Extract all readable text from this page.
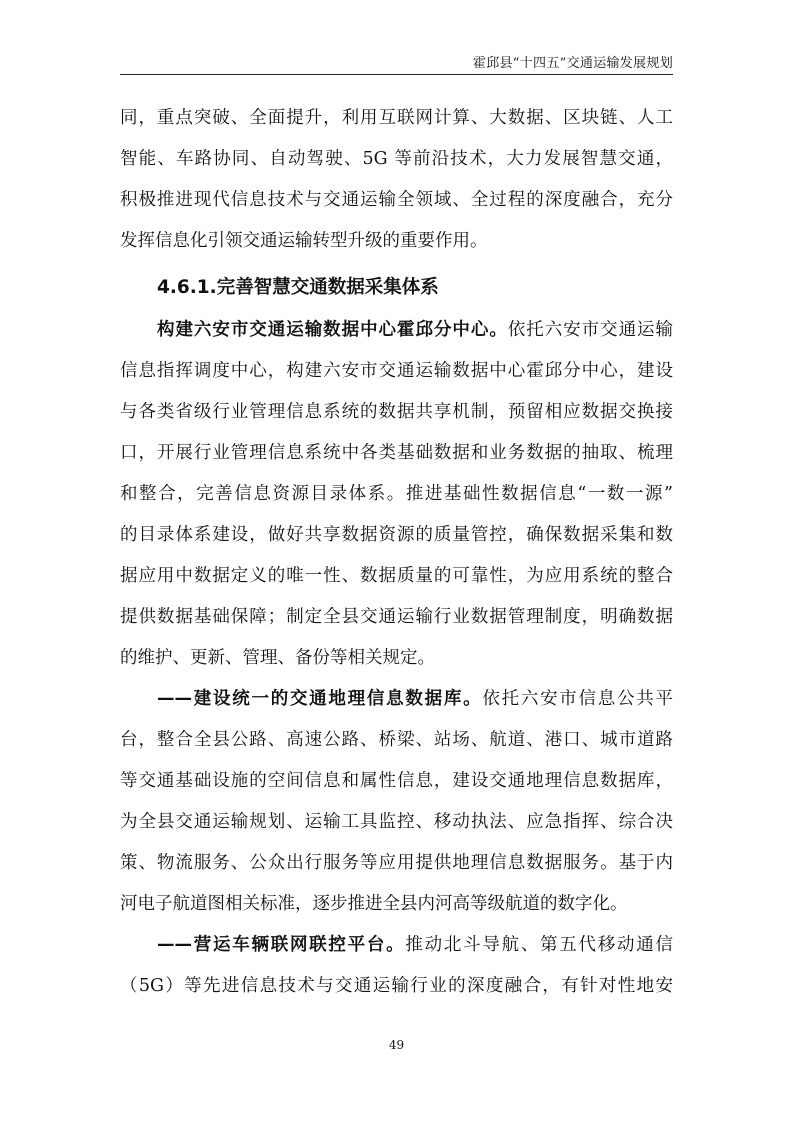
霍邱县“十四五”交通运输发展规划
同，重点突破、全面提升，利用互联网计算、大数据、区块链、人工
智能、车路协同、自动驾驶、5G 等前沿技术，大力发展智慧交通，
积极推进现代信息技术与交通运输全领域、全过程的深度融合，充分
发挥信息化引领交通运输转型升级的重要作用。
4.6.1.完善智慧交通数据采集体系
构建六安市交通运输数据中心霍邱分中心。依托六安市交通运输
信息指挥调度中心，构建六安市交通运输数据中心霍邱分中心，建设
与各类省级行业管理信息系统的数据共享机制，预留相应数据交换接
口，开展行业管理信息系统中各类基础数据和业务数据的抽取、梳理
和整合，完善信息资源目录体系。推进基础性数据信息“一数一源”
的目录体系建设，做好共享数据资源的质量管控，确保数据采集和数
据应用中数据定义的唯一性、数据质量的可靠性，为应用系统的整合
提供数据基础保障；制定全县交通运输行业数据管理制度，明确数据
的维护、更新、管理、备份等相关规定。
——建设统一的交通地理信息数据库。依托六安市信息公共平
台，整合全县公路、高速公路、桥梁、站场、航道、港口、城市道路
等交通基础设施的空间信息和属性信息，建设交通地理信息数据库，
为全县交通运输规划、运输工具监控、移动执法、应急指挥、综合决
策、物流服务、公众出行服务等应用提供地理信息数据服务。基于内
河电子航道图相关标准，逐步推进全县内河高等级航道的数字化。
——营运车辆联网联控平台。推动北斗导航、第五代移动通信
（5G）等先进信息技术与交通运输行业的深度融合，有针对性地安
49
